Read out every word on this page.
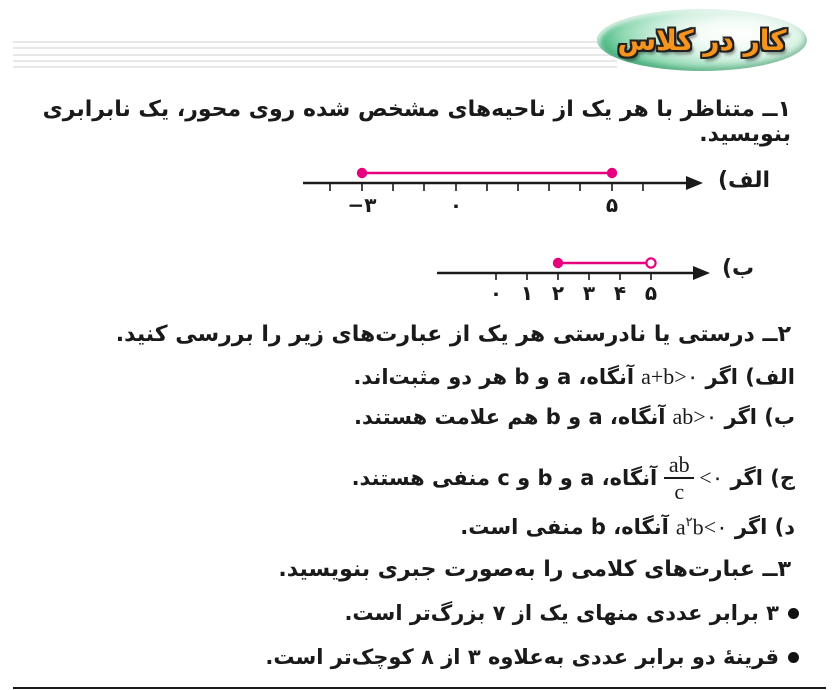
کار در کلاس
۱ــ متناظر با هر یک از ناحیه‌های مشخص شده روی محور، یک نابرابری بنویسید.
−۳	۰	۵
الف)
۰ ۱ ۲ ۳ ۴ ۵
ب)
۲ــ درستی یا نادرستی هر یک از عبارت‌های زیر را بررسی کنید.
الف) اگر
a+b>۰
آنگاه، a و b هر دو مثبت‌اند.
ب) اگر
ab>۰
آنگاه، a و b هم علامت هستند.
ج) اگر
$\frac{ab}{c}$ <۰
آنگاه، a و b و c منفی هستند.
د) اگر
$a^۲b<۰$
آنگاه، b منفی است.
۳ــ عبارت‌های کلامی را به‌صورت جبری بنویسید.
۳ برابر عددی منهای یک از ۷ بزرگ‌تر است.
قرینهٔ دو برابر عددی به‌علاوه ۳ از ۸ کوچک‌تر است.
